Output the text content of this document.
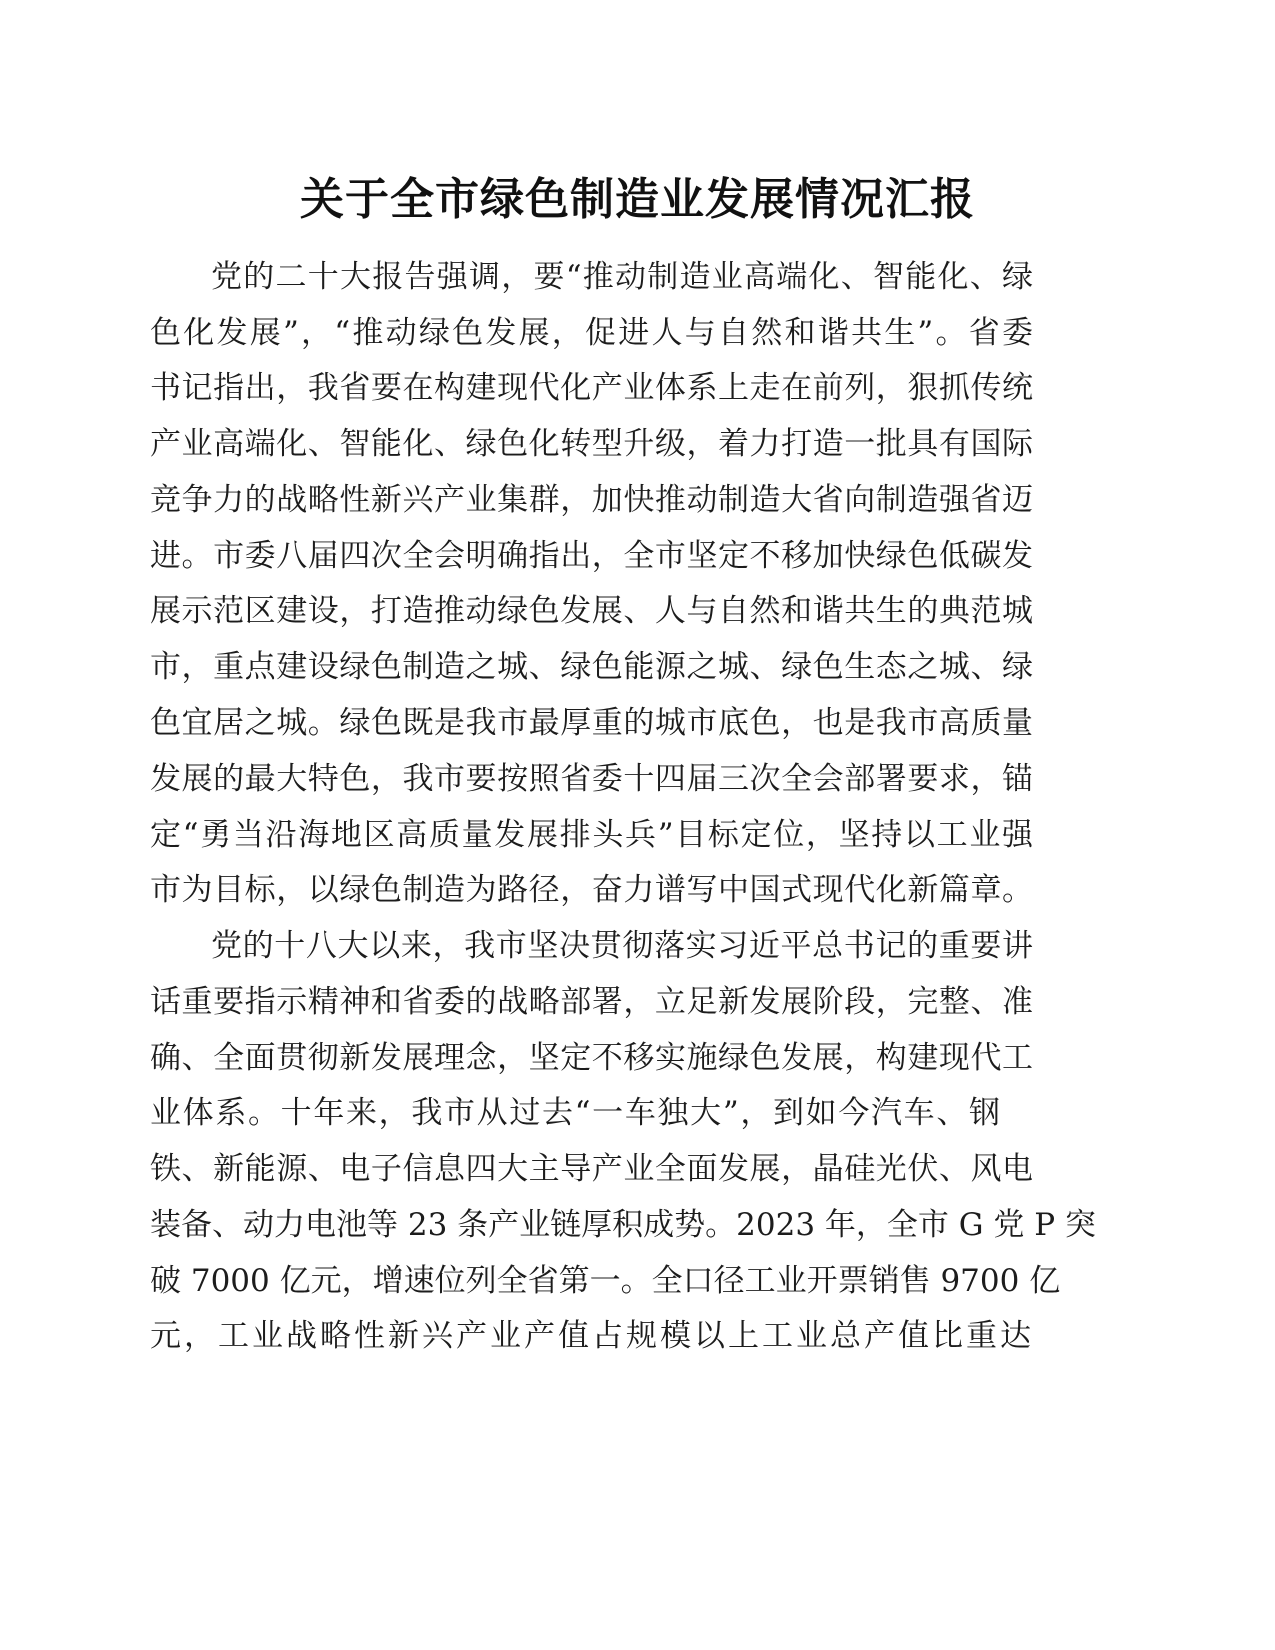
关于全市绿色制造业发展情况汇报
党的二十大报告强调，要“推动制造业高端化、智能化、绿
色化发展”，“推动绿色发展，促进人与自然和谐共生”。省委
书记指出，我省要在构建现代化产业体系上走在前列，狠抓传统
产业高端化、智能化、绿色化转型升级，着力打造一批具有国际
竞争力的战略性新兴产业集群，加快推动制造大省向制造强省迈
进。市委八届四次全会明确指出，全市坚定不移加快绿色低碳发
展示范区建设，打造推动绿色发展、人与自然和谐共生的典范城
市，重点建设绿色制造之城、绿色能源之城、绿色生态之城、绿
色宜居之城。绿色既是我市最厚重的城市底色，也是我市高质量
发展的最大特色，我市要按照省委十四届三次全会部署要求，锚
定“勇当沿海地区高质量发展排头兵”目标定位，坚持以工业强
市为目标，以绿色制造为路径，奋力谱写中国式现代化新篇章。
党的十八大以来，我市坚决贯彻落实习近平总书记的重要讲
话重要指示精神和省委的战略部署，立足新发展阶段，完整、准
确、全面贯彻新发展理念，坚定不移实施绿色发展，构建现代工
业体系。十年来，我市从过去“一车独大”，到如今汽车、钢
铁、新能源、电子信息四大主导产业全面发展，晶硅光伏、风电
装备、动力电池等 23 条产业链厚积成势。2023 年，全市 G 党 P 突
破 7000 亿元，增速位列全省第一。全口径工业开票销售 9700 亿
元，工业战略性新兴产业产值占规模以上工业总产值比重达
